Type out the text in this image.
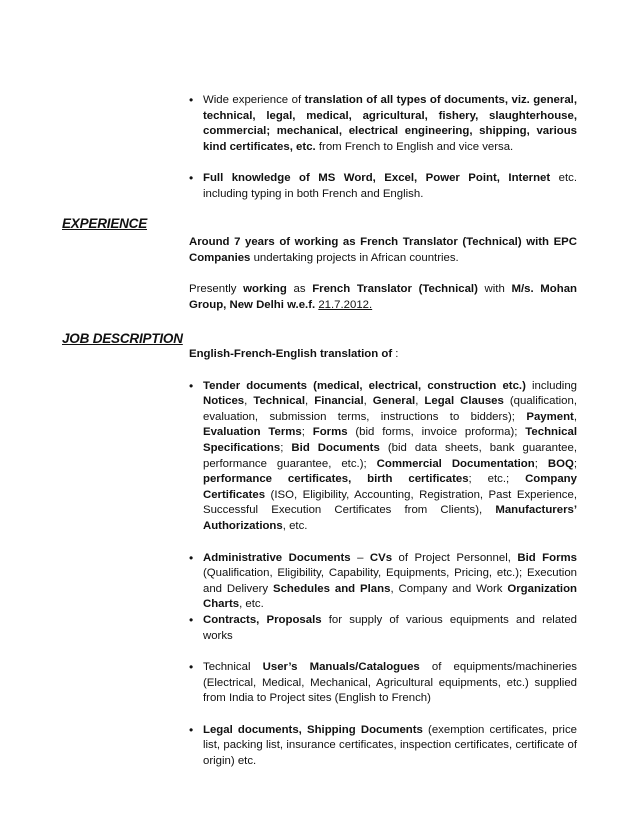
• Wide experience of translation of all types of documents, viz. general, technical, legal, medical, agricultural, fishery, slaughterhouse, commercial; mechanical, electrical engineering, shipping, various kind certificates, etc. from French to English and vice versa.
• Full knowledge of MS Word, Excel, Power Point, Internet etc. including typing in both French and English.
EXPERIENCE
Around 7 years of working as French Translator (Technical) with EPC Companies undertaking projects in African countries.
Presently working as French Translator (Technical) with M/s. Mohan Group, New Delhi w.e.f. 21.7.2012.
JOB DESCRIPTION
English-French-English translation of :
• Tender documents (medical, electrical, construction etc.) including Notices, Technical, Financial, General, Legal Clauses (qualification, evaluation, submission terms, instructions to bidders); Payment, Evaluation Terms; Forms (bid forms, invoice proforma); Technical Specifications; Bid Documents (bid data sheets, bank guarantee, performance guarantee, etc.); Commercial Documentation; BOQ; performance certificates, birth certificates; etc.; Company Certificates (ISO, Eligibility, Accounting, Registration, Past Experience, Successful Execution Certificates from Clients), Manufacturers’ Authorizations, etc.
• Administrative Documents – CVs of Project Personnel, Bid Forms (Qualification, Eligibility, Capability, Equipments, Pricing, etc.); Execution and Delivery Schedules and Plans, Company and Work Organization Charts, etc.
• Contracts, Proposals for supply of various equipments and related works
• Technical User’s Manuals/Catalogues of equipments/machineries (Electrical, Medical, Mechanical, Agricultural equipments, etc.) supplied from India to Project sites (English to French)
• Legal documents, Shipping Documents (exemption certificates, price list, packing list, insurance certificates, inspection certificates, certificate of origin) etc.
